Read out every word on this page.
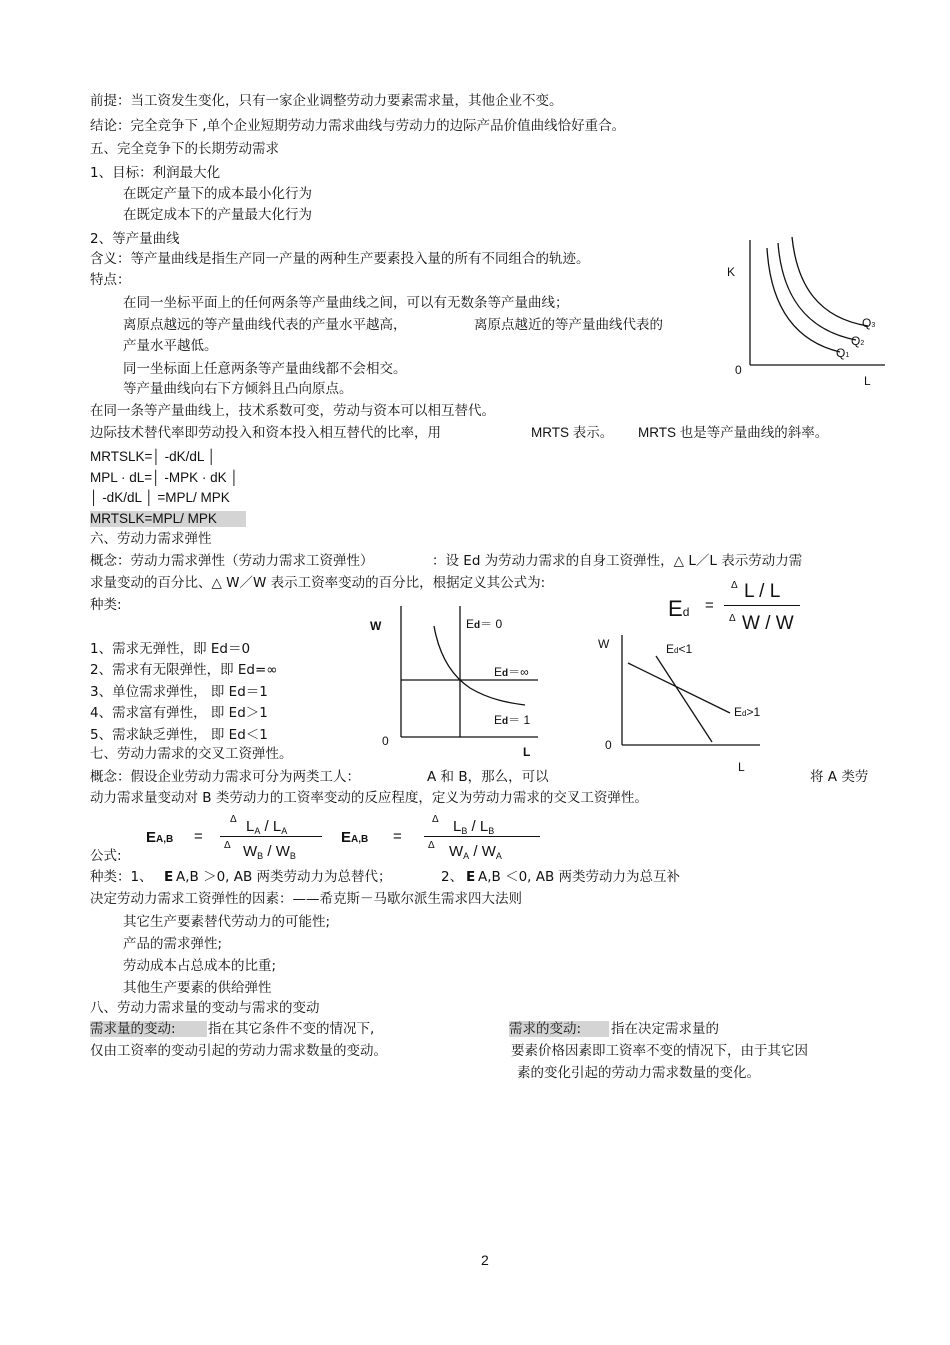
前提：当工资发生变化，只有一家企业调整劳动力要素需求量，其他企业不变。
结论：完全竞争下 ,单个企业短期劳动力需求曲线与劳动力的边际产品价值曲线恰好重合。
五、完全竞争下的长期劳动需求
1、目标：利润最大化
在既定产量下的成本最小化行为
在既定成本下的产量最大化行为
2、等产量曲线
含义：等产量曲线是指生产同一产量的两种生产要素投入量的所有不同组合的轨迹。
特点：
在同一坐标平面上的任何两条等产量曲线之间，可以有无数条等产量曲线；
离原点越远的等产量曲线代表的产量水平越高，	离原点越近的等产量曲线代表的
产量水平越低。
同一坐标面上任意两条等产量曲线都不会相交。
等产量曲线向右下方倾斜且凸向原点。
在同一条等产量曲线上，技术系数可变，劳动与资本可以相互替代。
边际技术替代率即劳动投入和资本投入相互替代的比率，用	MRTS 表示。 MRTS 也是等产量曲线的斜率。
MRTSLK=│ -dK/dL │
MPL · dL=│ -MPK · dK │
│ -dK/dL │ =MPL/ MPK
MRTSLK=MPL/ MPK
六、劳动力需求弹性
概念：劳动力需求弹性（劳动力需求工资弹性）	：设 Ed 为劳动力需求的自身工资弹性，△ L／L 表示劳动力需
求量变动的百分比、△ W／W 表示工资率变动的百分比，根据定义其公式为:
种类:
1、需求无弹性，即 Ed＝0
2、需求有无限弹性，即 Ed=∞
3、单位需求弹性， 即 Ed＝1
4、需求富有弹性， 即 Ed＞1
5、需求缺乏弹性， 即 Ed＜1
七、劳动力需求的交叉工资弹性。
概念：假设企业劳动力需求可分为两类工人：	A 和 B，那么，可以	将 A 类劳
动力需求量变动对 B 类劳动力的工资率变动的反应程度，定义为劳动力需求的交叉工资弹性。
公式:
种类：1、 E A,B ＞0, AB 两类劳动力为总替代；	2、 E A,B ＜0, AB 两类劳动力为总互补
决定劳动力需求工资弹性的因素：——希克斯－马歇尔派生需求四大法则
其它生产要素替代劳动力的可能性;
产品的需求弹性;
劳动成本占总成本的比重;
其他生产要素的供给弹性
八、劳动力需求量的变动与需求的变动
需求量的变动:	指在其它条件不变的情况下,	需求的变动:	指在决定需求量的
仅由工资率的变动引起的劳动力需求数量的变动。	要素价格因素即工资率不变的情况下，由于其它因
素的变化引起的劳动力需求数量的变化。
2
Ed =
Δ L / L
Δ W / W
EA,B =
Δ $L_A / L_A$
Δ $W_B / W_B$
EA,B =
Δ $L_B / L_B$
Δ $W_A / W_A$
K
L
0
Q3
Q2
Q1
W
L
0
Ed＝ 0
Ed＝∞
Ed＝ 1
W
L
0
Ed<1
Ed>1
